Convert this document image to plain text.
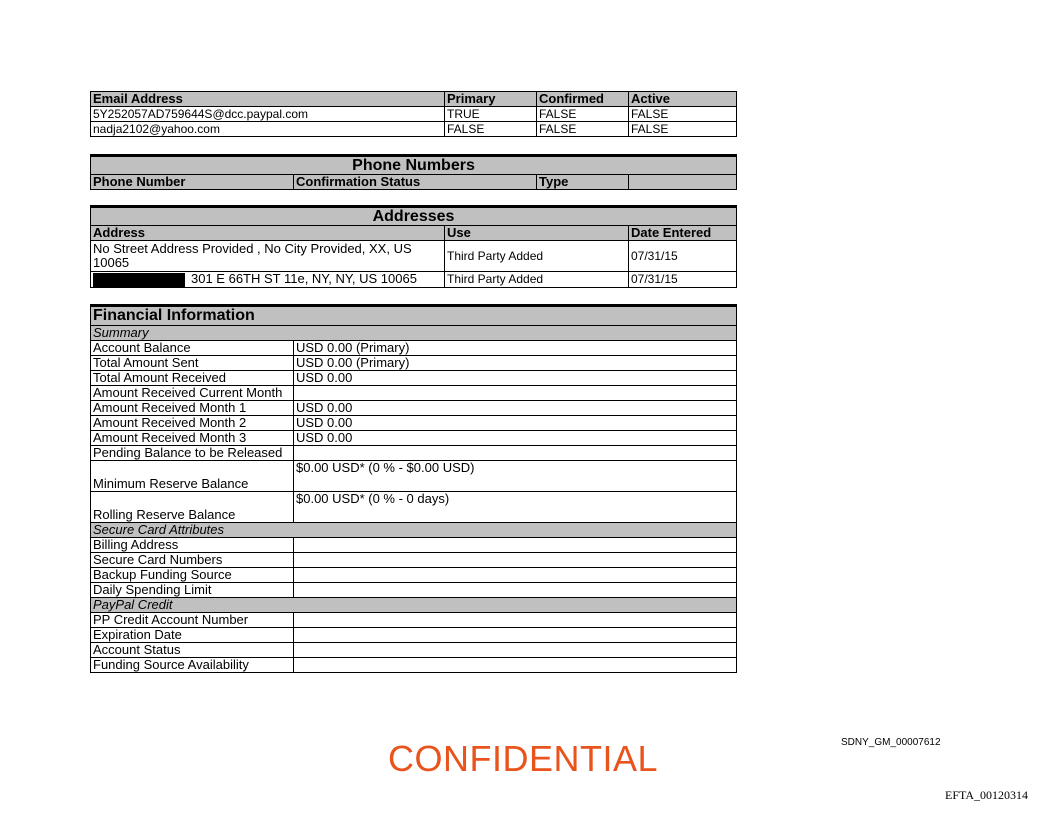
Email Address	Primary	Confirmed	Active
5Y252057AD759644S@dcc.paypal.com	TRUE	FALSE	FALSE
nadja2102@yahoo.com	FALSE	FALSE	FALSE
Phone Numbers
Phone Number	Confirmation Status	Type	
Addresses		
Address	Use	Date Entered
No Street Address Provided , No City Provided, XX, US 10065	Third Party Added	07/31/15
301 E 66TH ST 11e, NY, NY, US 10065	Third Party Added	07/31/15
Financial Information	
Summary	
Account Balance	USD 0.00 (Primary)
Total Amount Sent	USD 0.00 (Primary)
Total Amount Received	USD 0.00
Amount Received Current Month	
Amount Received Month 1	USD 0.00
Amount Received Month 2	USD 0.00
Amount Received Month 3	USD 0.00
Pending Balance to be Released	
Minimum Reserve Balance	$0.00 USD* (0 % - $0.00 USD)
Rolling Reserve Balance	$0.00 USD* (0 % - 0 days)
Secure Card Attributes	
Billing Address	
Secure Card Numbers	
Backup Funding Source	
Daily Spending Limit	
PayPal Credit	
PP Credit Account Number	
Expiration Date	
Account Status	
Funding Source Availability	
CONFIDENTIAL	SDNY_GM_00007612
EFTA_00120314
